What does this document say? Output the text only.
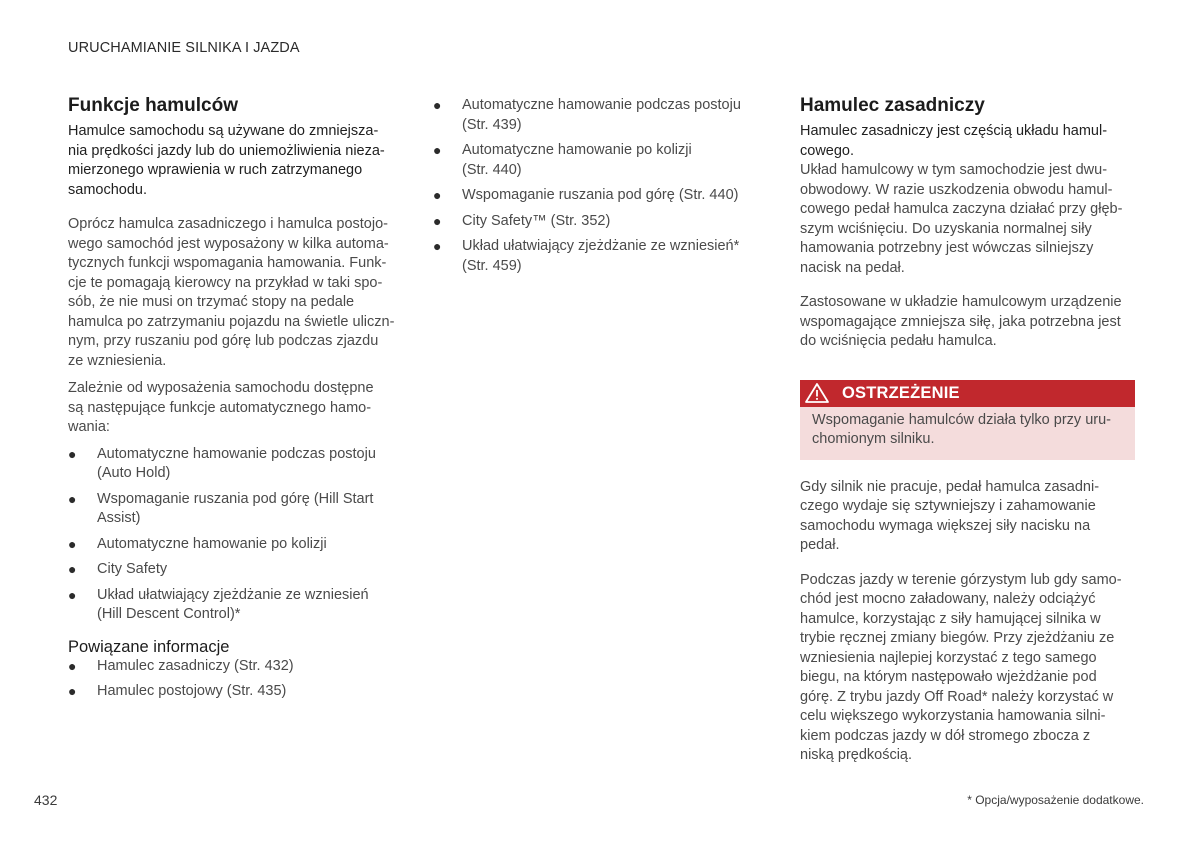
URUCHAMIANIE SILNIKA I JAZDA
Funkcje hamulców

Hamulce samochodu są używane do zmniejsza-
nia prędkości jazdy lub do uniemożliwienia nieza-
mierzonego wprawienia w ruch zatrzymanego
samochodu.

Oprócz hamulca zasadniczego i hamulca postojo-
wego samochód jest wyposażony w kilka automa-
tycznych funkcji wspomagania hamowania. Funk-
cje te pomagają kierowcy na przykład w taki spo-
sób, że nie musi on trzymać stopy na pedale
hamulca po zatrzymaniu pojazdu na świetle uliczn-
nym, przy ruszaniu pod górę lub podczas zjazdu
ze wzniesienia.

Zależnie od wyposażenia samochodu dostępne
są następujące funkcje automatycznego hamo-
wania:

● Automatyczne hamowanie podczas postoju
(Auto Hold)
● Wspomaganie ruszania pod górę (Hill Start
Assist)
● Automatyczne hamowanie po kolizji
● City Safety
● Układ ułatwiający zjeżdżanie ze wzniesień
(Hill Descent Control)*
Powiązane informacje
● Hamulec zasadniczy (Str. 432)
● Hamulec postojowy (Str. 435)
● Automatyczne hamowanie podczas postoju
(Str. 439)
● Automatyczne hamowanie po kolizji
(Str. 440)
● Wspomaganie ruszania pod górę (Str. 440)
● City Safety™ (Str. 352)
● Układ ułatwiający zjeżdżanie ze wzniesień*
(Str. 459)
Hamulec zasadniczy

Hamulec zasadniczy jest częścią układu hamul-
cowego.

Układ hamulcowy w tym samochodzie jest dwu-
obwodowy. W razie uszkodzenia obwodu hamul-
cowego pedał hamulca zaczyna działać przy głęb-
szym wciśnięciu. Do uzyskania normalnej siły
hamowania potrzebny jest wówczas silniejszy
nacisk na pedał.

Zastosowane w układzie hamulcowym urządzenie
wspomagające zmniejsza siłę, jaka potrzebna jest
do wciśnięcia pedału hamulca.

OSTRZEŻENIE

Wspomaganie hamulców działa tylko przy uru-
chomionym silniku.

Gdy silnik nie pracuje, pedał hamulca zasadni-
czego wydaje się sztywniejszy i zahamowanie
samochodu wymaga większej siły nacisku na
pedał.

Podczas jazdy w terenie górzystym lub gdy samo-
chód jest mocno załadowany, należy odciążyć
hamulce, korzystając z siły hamującej silnika w
trybie ręcznej zmiany biegów. Przy zjeżdżaniu ze
wzniesienia najlepiej korzystać z tego samego
biegu, na którym następowało wjeżdżanie pod
górę. Z trybu jazdy Off Road* należy korzystać w
celu większego wykorzystania hamowania silni-
kiem podczas jazdy w dół stromego zbocza z
niską prędkością.

432	* Opcja/wyposażenie dodatkowe.
